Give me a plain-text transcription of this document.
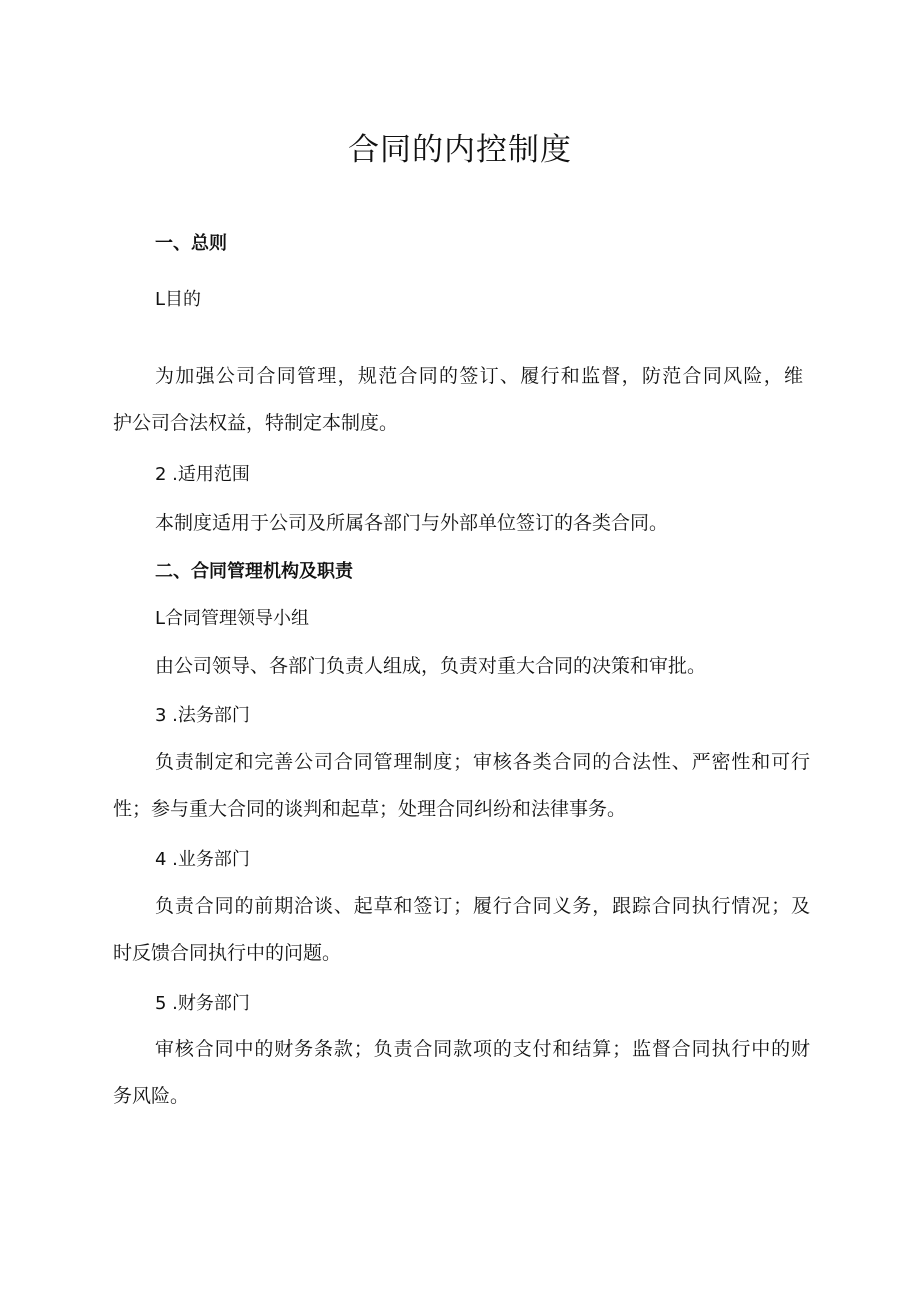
合同的内控制度
一、总则
L目的
为加强公司合同管理，规范合同的签订、履行和监督，防范合同风险，维
护公司合法权益，特制定本制度。
2 .适用范围
本制度适用于公司及所属各部门与外部单位签订的各类合同。
二、合同管理机构及职责
L合同管理领导小组
由公司领导、各部门负责人组成，负责对重大合同的决策和审批。
3 .法务部门
负责制定和完善公司合同管理制度；审核各类合同的合法性、严密性和可行
性；参与重大合同的谈判和起草；处理合同纠纷和法律事务。
4 .业务部门
负责合同的前期洽谈、起草和签订；履行合同义务，跟踪合同执行情况；及
时反馈合同执行中的问题。
5 .财务部门
审核合同中的财务条款；负责合同款项的支付和结算；监督合同执行中的财
务风险。
